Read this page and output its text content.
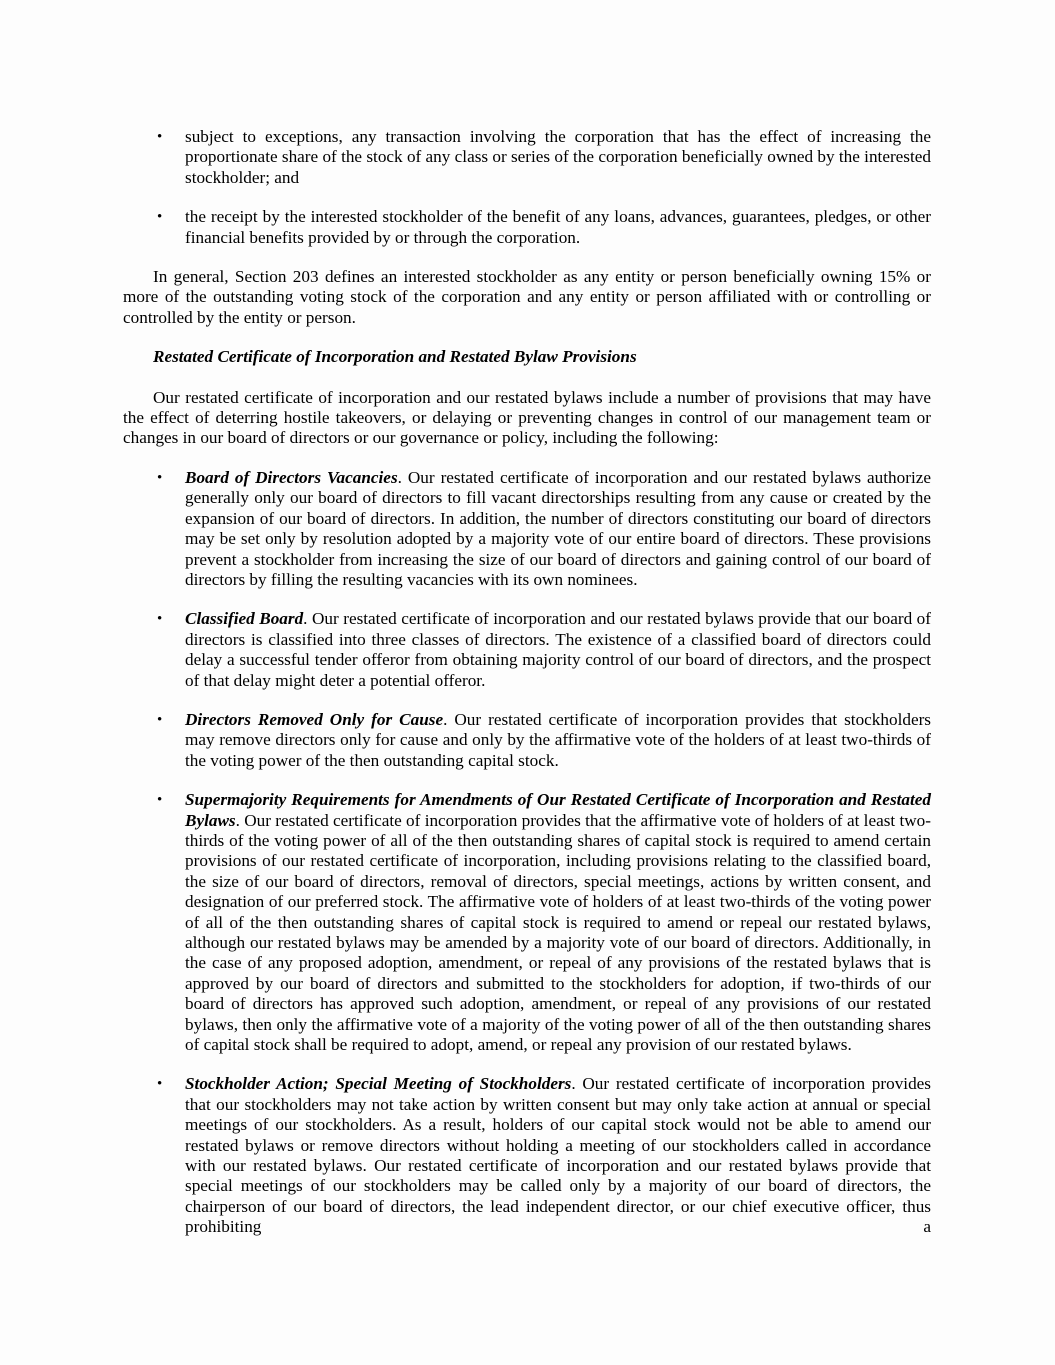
• subject to exceptions, any transaction involving the corporation that has the effect of increasing the proportionate share of the stock of any class or series of the corporation beneficially owned by the interested stockholder; and
• the receipt by the interested stockholder of the benefit of any loans, advances, guarantees, pledges, or other financial benefits provided by or through the corporation.

In general, Section 203 defines an interested stockholder as any entity or person beneficially owning 15% or more of the outstanding voting stock of the corporation and any entity or person affiliated with or controlling or controlled by the entity or person.

Restated Certificate of Incorporation and Restated Bylaw Provisions

Our restated certificate of incorporation and our restated bylaws include a number of provisions that may have the effect of deterring hostile takeovers, or delaying or preventing changes in control of our management team or changes in our board of directors or our governance or policy, including the following:

• Board of Directors Vacancies. Our restated certificate of incorporation and our restated bylaws authorize generally only our board of directors to fill vacant directorships resulting from any cause or created by the expansion of our board of directors. In addition, the number of directors constituting our board of directors may be set only by resolution adopted by a majority vote of our entire board of directors. These provisions prevent a stockholder from increasing the size of our board of directors and gaining control of our board of directors by filling the resulting vacancies with its own nominees.
• Classified Board. Our restated certificate of incorporation and our restated bylaws provide that our board of directors is classified into three classes of directors. The existence of a classified board of directors could delay a successful tender offeror from obtaining majority control of our board of directors, and the prospect of that delay might deter a potential offeror.
• Directors Removed Only for Cause. Our restated certificate of incorporation provides that stockholders may remove directors only for cause and only by the affirmative vote of the holders of at least two-thirds of the voting power of the then outstanding capital stock.
• Supermajority Requirements for Amendments of Our Restated Certificate of Incorporation and Restated Bylaws. Our restated certificate of incorporation provides that the affirmative vote of holders of at least two-thirds of the voting power of all of the then outstanding shares of capital stock is required to amend certain provisions of our restated certificate of incorporation, including provisions relating to the classified board, the size of our board of directors, removal of directors, special meetings, actions by written consent, and designation of our preferred stock. The affirmative vote of holders of at least two-thirds of the voting power of all of the then outstanding shares of capital stock is required to amend or repeal our restated bylaws, although our restated bylaws may be amended by a majority vote of our board of directors. Additionally, in the case of any proposed adoption, amendment, or repeal of any provisions of the restated bylaws that is approved by our board of directors and submitted to the stockholders for adoption, if two-thirds of our board of directors has approved such adoption, amendment, or repeal of any provisions of our restated bylaws, then only the affirmative vote of a majority of the voting power of all of the then outstanding shares of capital stock shall be required to adopt, amend, or repeal any provision of our restated bylaws.
• Stockholder Action; Special Meeting of Stockholders. Our restated certificate of incorporation provides that our stockholders may not take action by written consent but may only take action at annual or special meetings of our stockholders. As a result, holders of our capital stock would not be able to amend our restated bylaws or remove directors without holding a meeting of our stockholders called in accordance with our restated bylaws. Our restated certificate of incorporation and our restated bylaws provide that special meetings of our stockholders may be called only by a majority of our board of directors, the chairperson of our board of directors, the lead independent director, or our chief executive officer, thus prohibiting a
